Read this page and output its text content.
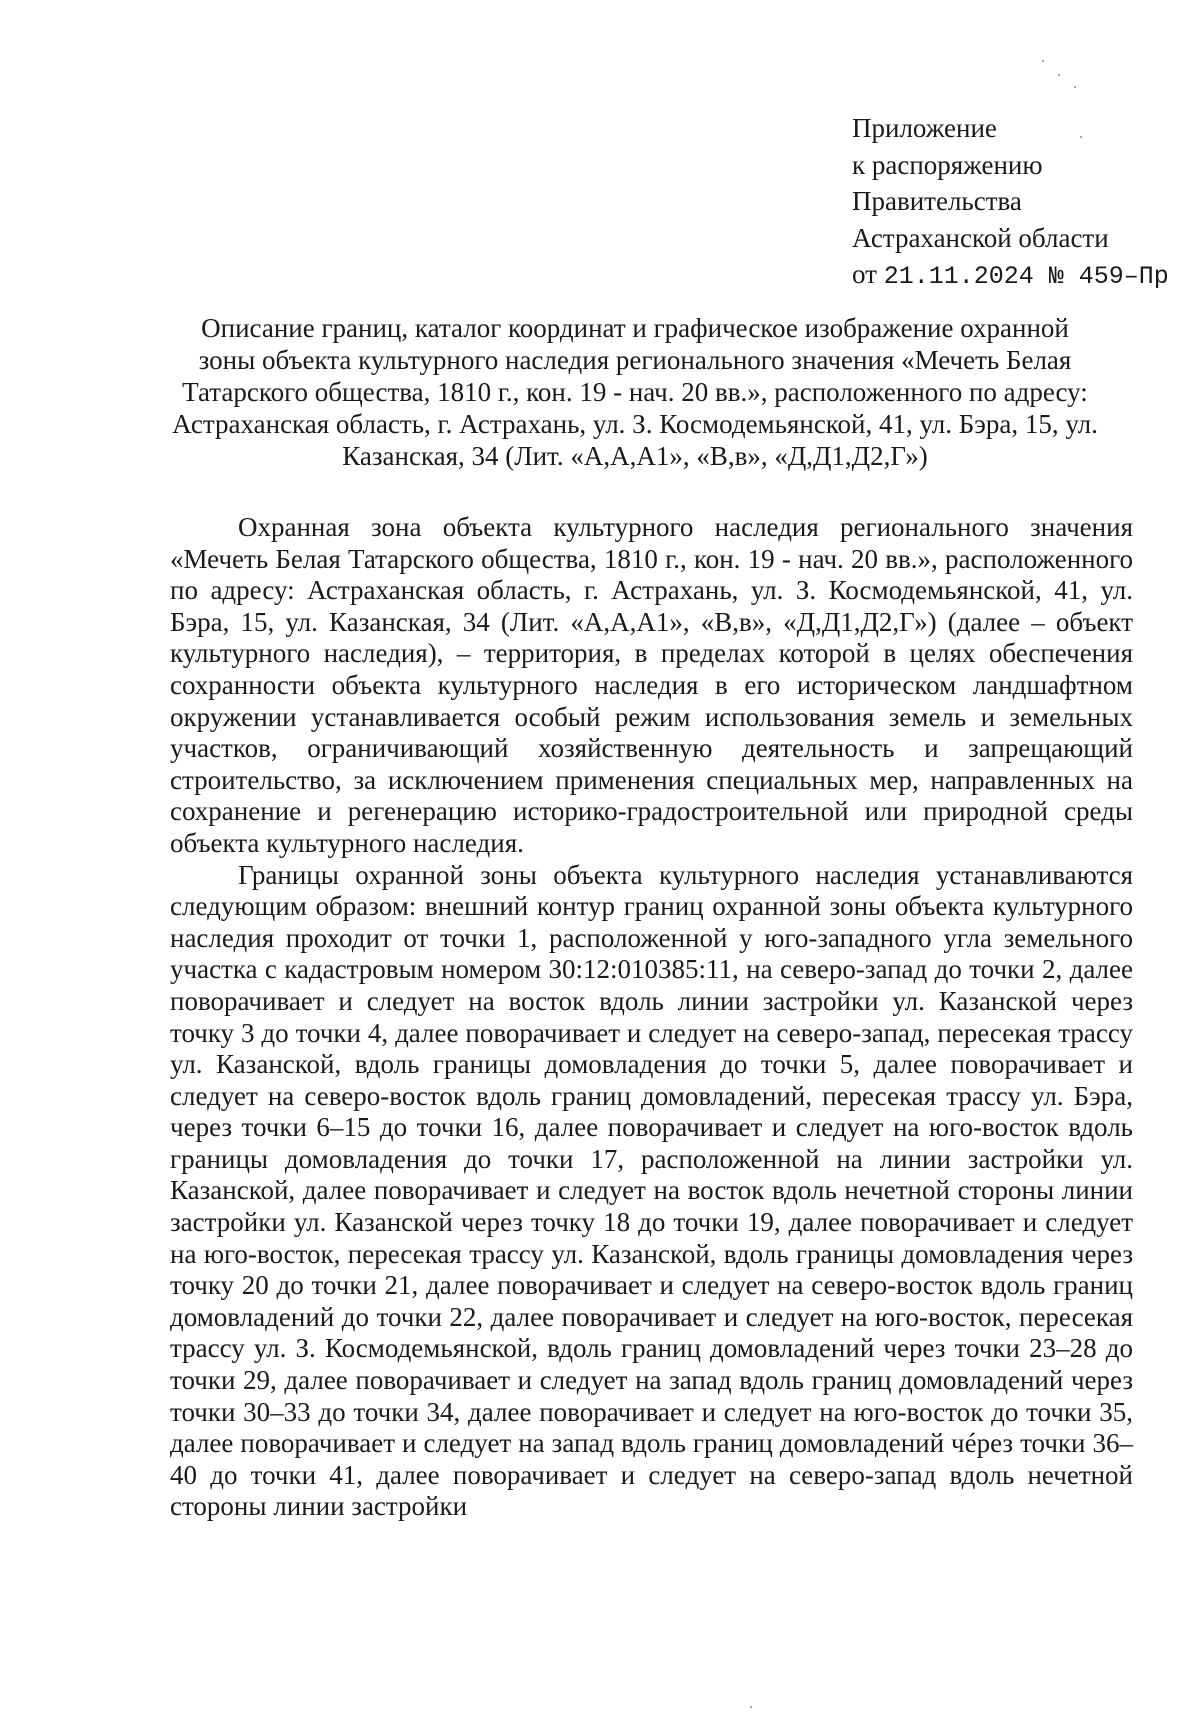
Приложение
к распоряжению
Правительства
Астраханской области
от 21.11.2024 № 459–Пр
Описание границ, каталог координат и графическое изображение охранной зоны объекта культурного наследия регионального значения «Мечеть Белая Татарского общества, 1810 г., кон. 19 - нач. 20 вв.», расположенного по адресу: Астраханская область, г. Астрахань, ул. З. Космодемьянской, 41, ул. Бэра, 15, ул. Казанская, 34 (Лит. «А,А,А1», «В,в», «Д,Д1,Д2,Г»)

Охранная зона объекта культурного наследия регионального значения «Мечеть Белая Татарского общества, 1810 г., кон. 19 - нач. 20 вв.», расположенного по адресу: Астраханская область, г. Астрахань, ул. З. Космодемьянской, 41, ул. Бэра, 15, ул. Казанская, 34 (Лит. «А,А,А1», «В,в», «Д,Д1,Д2,Г») (далее – объект культурного наследия), – территория, в пределах которой в целях обеспечения сохранности объекта культурного наследия в его историческом ландшафтном окружении устанавливается особый режим использования земель и земельных участков, ограничивающий хозяйственную деятельность и запрещающий строительство, за исключением применения специальных мер, направленных на сохранение и регенерацию историко-градостроительной или природной среды объекта культурного наследия.

Границы охранной зоны объекта культурного наследия устанавливаются следующим образом: внешний контур границ охранной зоны объекта культурного наследия проходит от точки 1, расположенной у юго-западного угла земельного участка с кадастровым номером 30:12:010385:11, на северо-запад до точки 2, далее поворачивает и следует на восток вдоль линии застройки ул. Казанской через точку 3 до точки 4, далее поворачивает и следует на северо-запад, пересекая трассу ул. Казанской, вдоль границы домовладения до точки 5, далее поворачивает и следует на северо-восток вдоль границ домовладений, пересекая трассу ул. Бэра, через точки 6–15 до точки 16, далее поворачивает и следует на юго-восток вдоль границы домовладения до точки 17, расположенной на линии застройки ул. Казанской, далее поворачивает и следует на восток вдоль нечетной стороны линии застройки ул. Казанской через точку 18 до точки 19, далее поворачивает и следует на юго-восток, пересекая трассу ул. Казанской, вдоль границы домовладения через точку 20 до точки 21, далее поворачивает и следует на северо-восток вдоль границ домовладений до точки 22, далее поворачивает и следует на юго-восток, пересекая трассу ул. З. Космодемьянской, вдоль границ домовладений через точки 23–28 до точки 29, далее поворачивает и следует на запад вдоль границ домовладений через точки 30–33 до точки 34, далее поворачивает и следует на юго-восток до точки 35, далее поворачивает и следует на запад вдоль границ домовладений чéрез точки 36–40 до точки 41, далее поворачивает и следует на северо-запад вдоль нечетной стороны линии застройки
